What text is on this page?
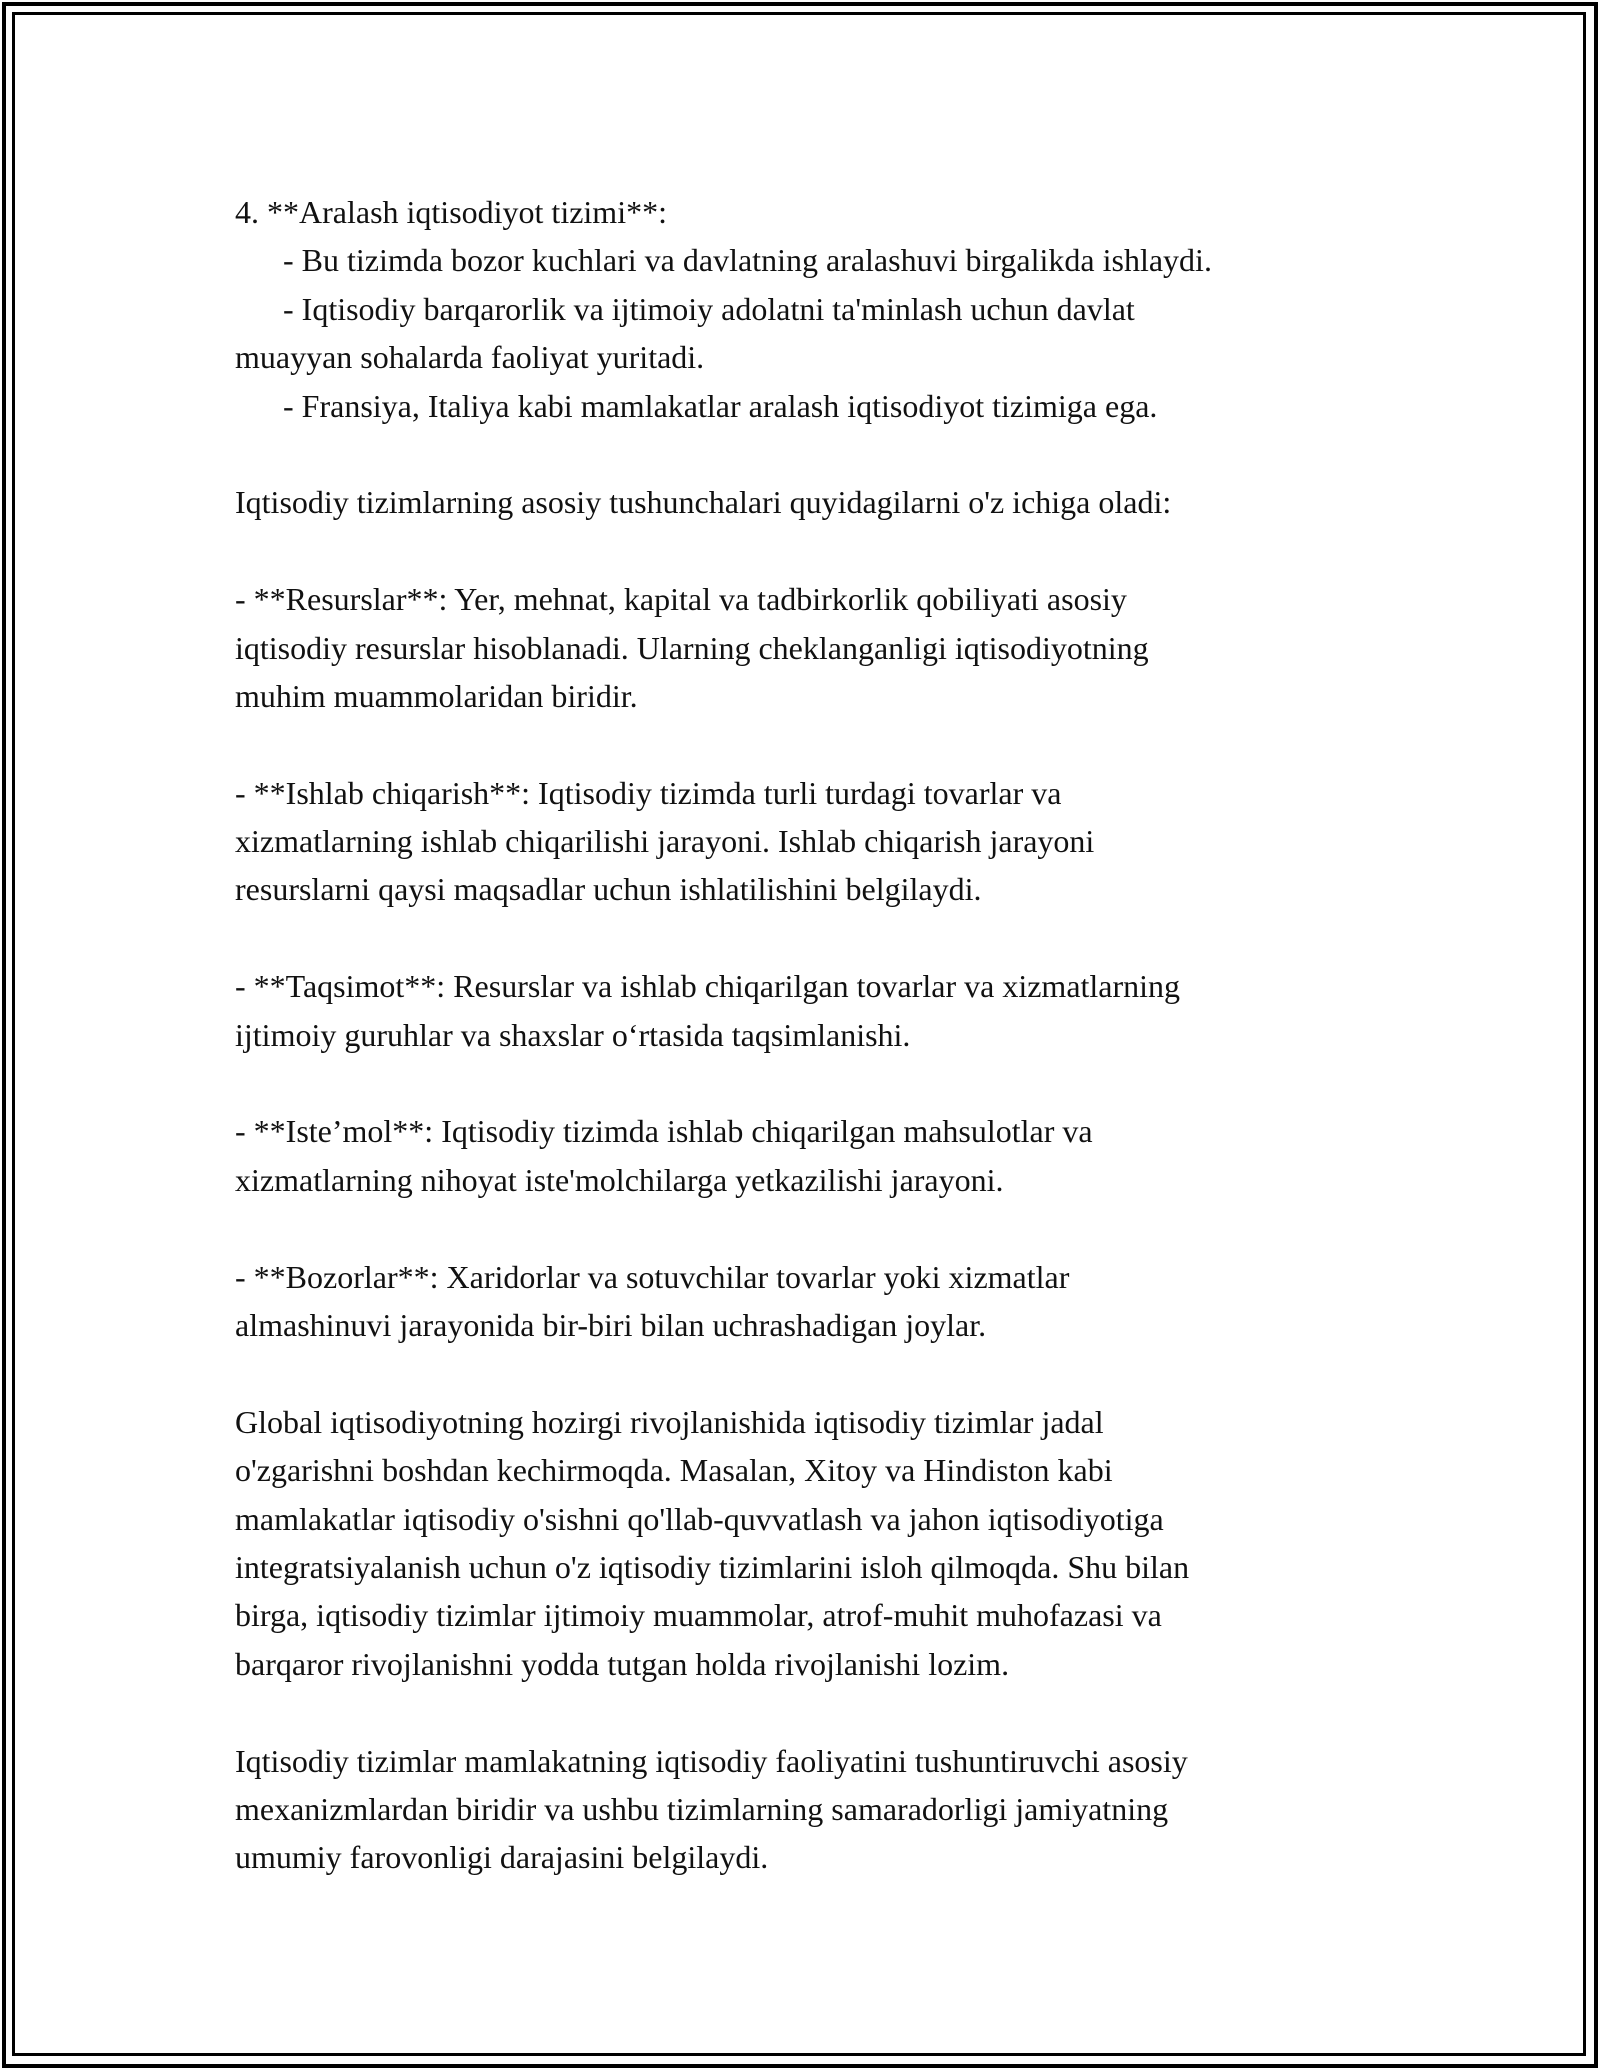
4. **Aralash iqtisodiyot tizimi**:
- Bu tizimda bozor kuchlari va davlatning aralashuvi birgalikda ishlaydi.
- Iqtisodiy barqarorlik va ijtimoiy adolatni ta'minlash uchun davlat
muayyan sohalarda faoliyat yuritadi.
- Fransiya, Italiya kabi mamlakatlar aralash iqtisodiyot tizimiga ega.
Iqtisodiy tizimlarning asosiy tushunchalari quyidagilarni o'z ichiga oladi:
- **Resurslar**: Yer, mehnat, kapital va tadbirkorlik qobiliyati asosiy
iqtisodiy resurslar hisoblanadi. Ularning cheklanganligi iqtisodiyotning
muhim muammolaridan biridir.
- **Ishlab chiqarish**: Iqtisodiy tizimda turli turdagi tovarlar va
xizmatlarning ishlab chiqarilishi jarayoni. Ishlab chiqarish jarayoni
resurslarni qaysi maqsadlar uchun ishlatilishini belgilaydi.
- **Taqsimot**: Resurslar va ishlab chiqarilgan tovarlar va xizmatlarning
ijtimoiy guruhlar va shaxslar o‘rtasida taqsimlanishi.
- **Iste’mol**: Iqtisodiy tizimda ishlab chiqarilgan mahsulotlar va
xizmatlarning nihoyat iste'molchilarga yetkazilishi jarayoni.
- **Bozorlar**: Xaridorlar va sotuvchilar tovarlar yoki xizmatlar
almashinuvi jarayonida bir-biri bilan uchrashadigan joylar.
Global iqtisodiyotning hozirgi rivojlanishida iqtisodiy tizimlar jadal
o'zgarishni boshdan kechirmoqda. Masalan, Xitoy va Hindiston kabi
mamlakatlar iqtisodiy o'sishni qo'llab-quvvatlash va jahon iqtisodiyotiga
integratsiyalanish uchun o'z iqtisodiy tizimlarini isloh qilmoqda. Shu bilan
birga, iqtisodiy tizimlar ijtimoiy muammolar, atrof-muhit muhofazasi va
barqaror rivojlanishni yodda tutgan holda rivojlanishi lozim.
Iqtisodiy tizimlar mamlakatning iqtisodiy faoliyatini tushuntiruvchi asosiy
mexanizmlardan biridir va ushbu tizimlarning samaradorligi jamiyatning
umumiy farovonligi darajasini belgilaydi.
